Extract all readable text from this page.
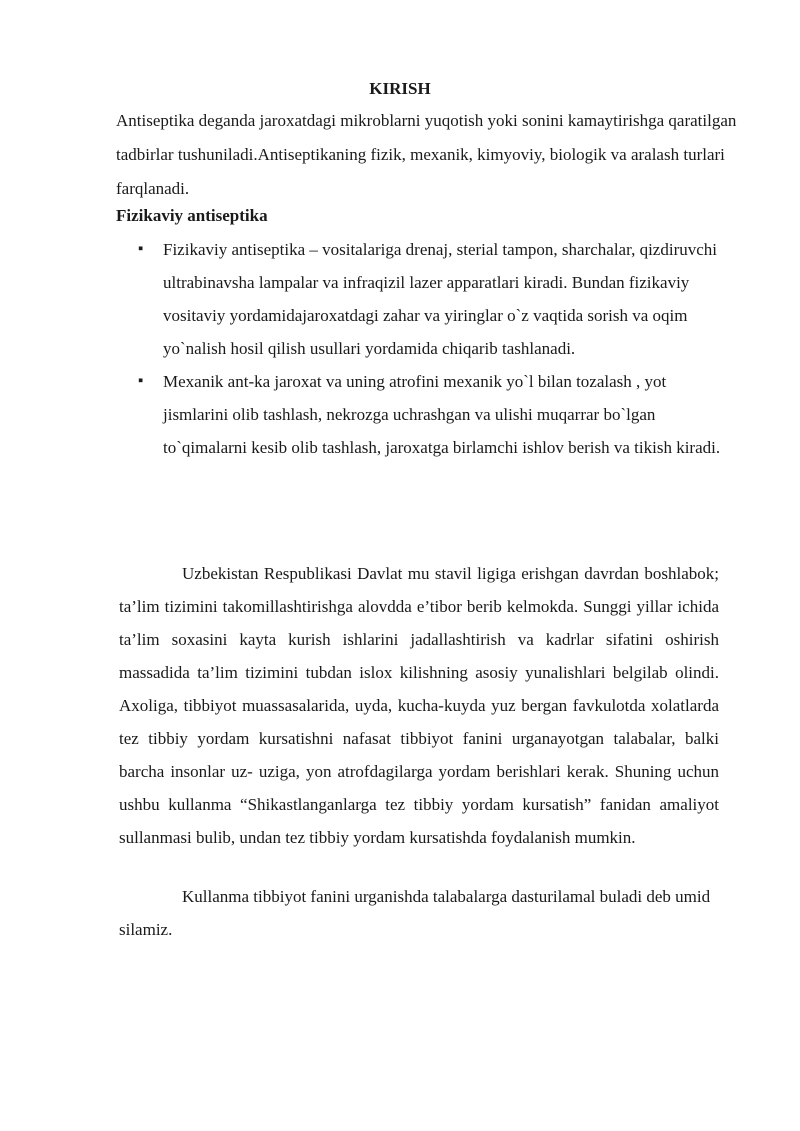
KIRISH

Antiseptika deganda jaroxatdagi mikroblarni yuqotish yoki sonini kamaytirishga qaratilgan tadbirlar tushuniladi.Antiseptikaning fizik, mexanik, kimyoviy, biologik va aralash turlari farqlanadi.

Fizikaviy antiseptika

▪ Fizikaviy antiseptika – vositalariga drenaj, sterial tampon, sharchalar, qizdiruvchi ultrabinavsha lampalar va infraqizil lazer apparatlari kiradi. Bundan fizikaviy vositaviy yordamidajaroxatdagi zahar va yiringlar o`z vaqtida sorish va oqim yo`nalish hosil qilish usullari yordamida chiqarib tashlanadi.
▪ Mexanik ant-ka jaroxat va uning atrofini mexanik yo`l bilan tozalash , yot jismlarini olib tashlash, nekrozga uchrashgan va ulishi muqarrar bo`lgan to`qimalarni kesib olib tashlash, jaroxatga birlamchi ishlov berish va tikish kiradi.

Uzbekistan Respublikasi Davlat mu stavil ligiga erishgan davrdan boshlabok; ta’lim tizimini takomillashtirishga alovdda e’tibor berib kelmokda. Sunggi yillar ichida ta’lim soxasini kayta kurish ishlarini jadallashtirish va kadrlar sifatini oshirish massadida ta’lim tizimini tubdan islox kilishning asosiy yunalishlari belgilab olindi. Axoliga, tibbiyot muassasalarida, uyda, kucha-kuyda yuz bergan favkulotda xolatlarda tez tibbiy yordam kursatishni nafasat tibbiyot fanini urganayotgan talabalar, balki barcha insonlar uz- uziga, yon atrofdagilarga yordam berishlari kerak. Shuning uchun ushbu kullanma “Shikastlanganlarga tez tibbiy yordam kursatish” fanidan amaliyot sullanmasi bulib, undan tez tibbiy yordam kursatishda foydalanish mumkin.

Kullanma tibbiyot fanini urganishda talabalarga dasturilamal buladi deb umid silamiz.
